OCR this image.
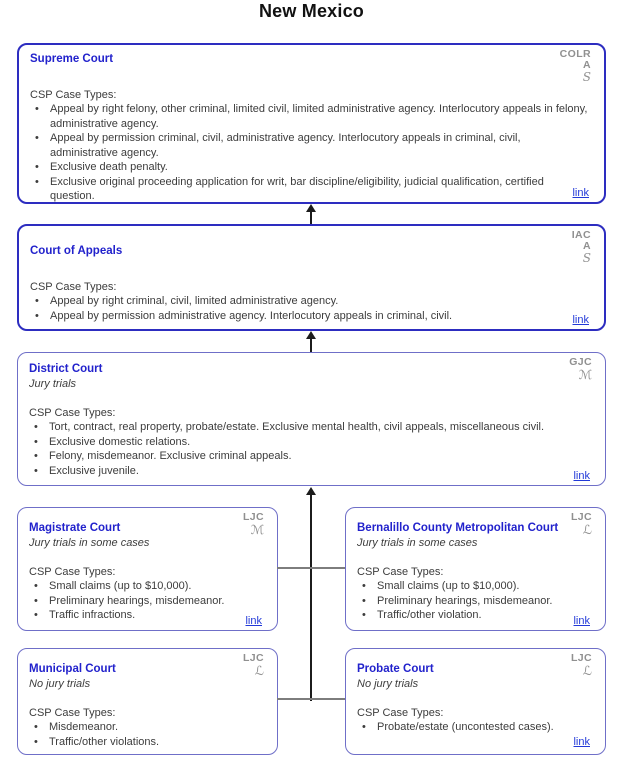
New Mexico
COLR
A
S
Supreme Court
CSP Case Types:
•
Appeal by right felony, other criminal, limited civil, limited administrative agency. Interlocutory appeals in felony, administrative agency.
•
Appeal by permission criminal, civil, administrative agency. Interlocutory appeals in criminal, civil, administrative agency.
•
Exclusive death penalty.
•
Exclusive original proceeding application for writ, bar discipline/eligibility, judicial qualification, certified question.	link
IAC
A
S
Court of Appeals
CSP Case Types:
•
Appeal by right criminal, civil, limited administrative agency.
•
Appeal by permission administrative agency. Interlocutory appeals in criminal, civil.	link
GJC
ℳ
District Court
Jury trials
CSP Case Types:
•
Tort, contract, real property, probate/estate. Exclusive mental health, civil appeals, miscellaneous civil.
•
Exclusive domestic relations.
•
Felony, misdemeanor. Exclusive criminal appeals.
•
Exclusive juvenile.	link
LJC
ℳ
Magistrate Court
Jury trials in some cases
CSP Case Types:
•
Small claims (up to $10,000).
•
Preliminary hearings, misdemeanor.
•
Traffic infractions.	link
LJC
ℒ
Bernalillo County Metropolitan Court
Jury trials in some cases
CSP Case Types:
•
Small claims (up to $10,000).
•
Preliminary hearings, misdemeanor.
•
Traffic/other violation.	link
LJC
ℒ
Municipal Court
No jury trials
CSP Case Types:
•
Misdemeanor.
•
Traffic/other violations.
LJC
ℒ
Probate Court
No jury trials
CSP Case Types:
•
Probate/estate (uncontested cases).
link
